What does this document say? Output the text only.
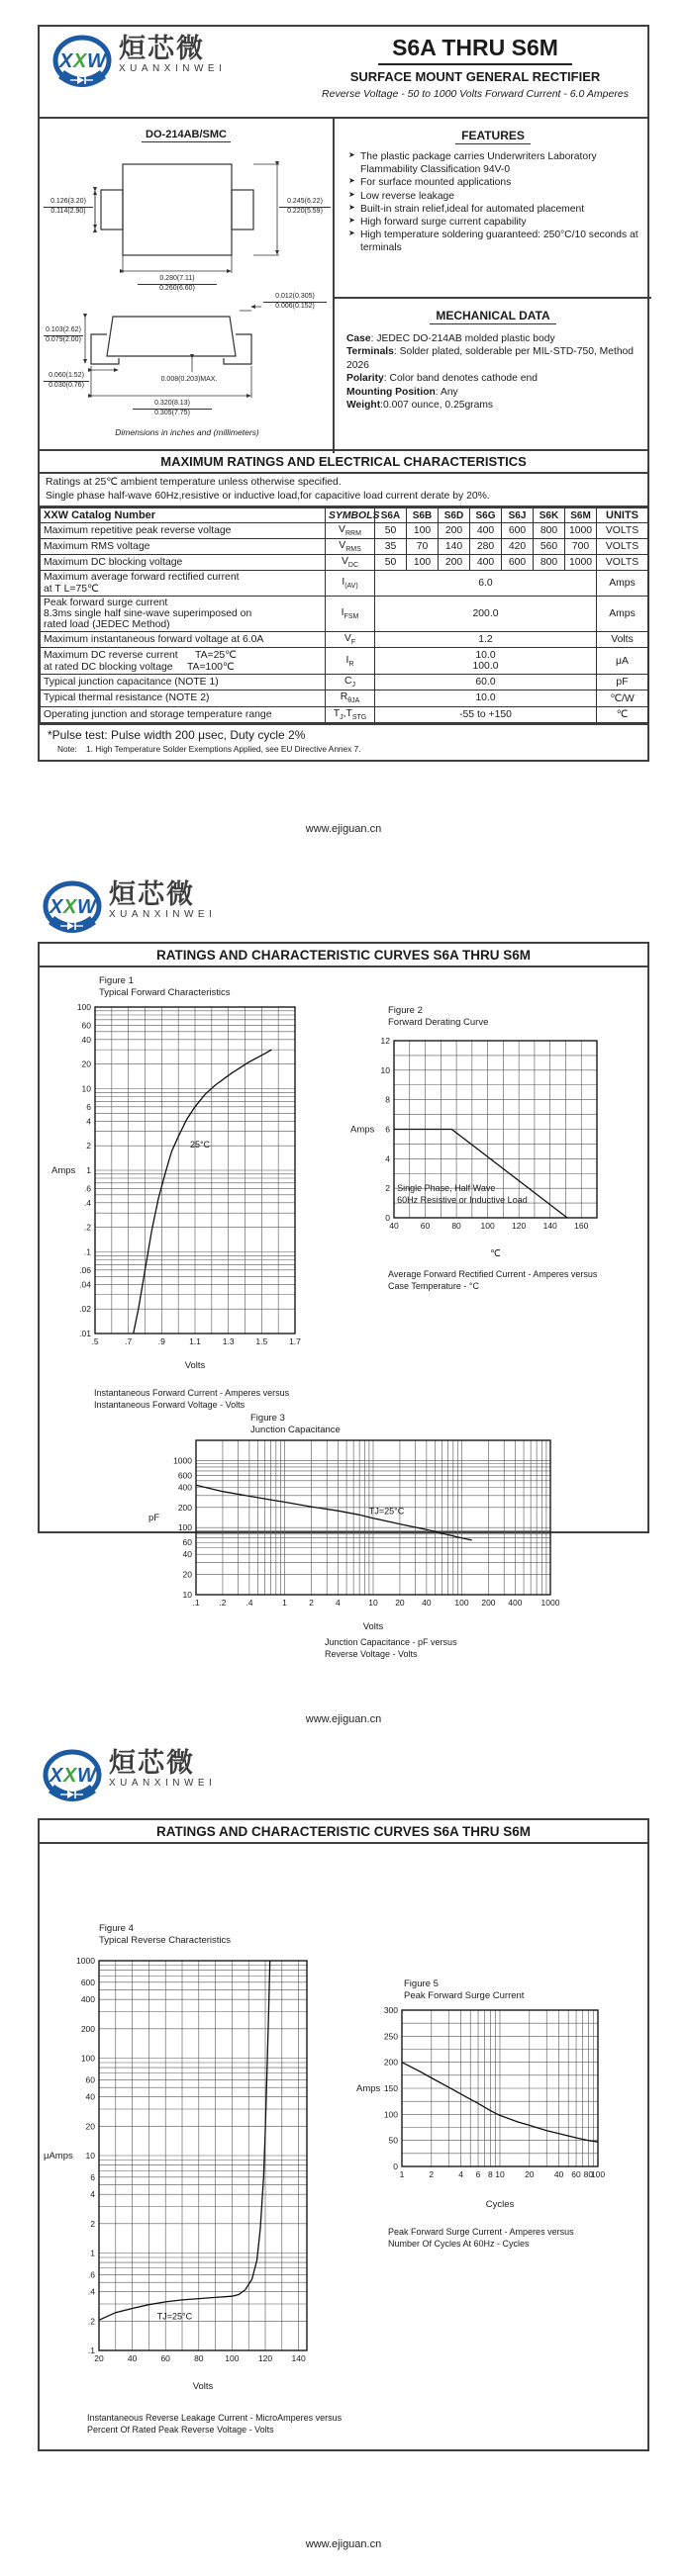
X X W 烜芯微
XUANXINWEI
S6A THRU S6M
SURFACE MOUNT GENERAL RECTIFIER
Reverse Voltage - 50 to 1000 Volts Forward Current - 6.0 Amperes
DO-214AB/SMC
0.126(3.20)
0.114(2.90)
0.245(6.22)
0.220(5.59)
0.280(7.11)
0.260(6.60)
0.012(0.305)
0.006(0.152)
0.103(2.62)
0.079(2.00)
0.060(1.52)
0.030(0.76)
0.008(0.203)MAX.
0.320(8.13)
0.305(7.75)
Dimensions in inches and (millimeters)
FEATURES
➤ The plastic package carries Underwriters Laboratory Flammability Classification 94V-0
➤ For surface mounted applications
➤ Low reverse leakage
➤ Built-in strain relief,ideal for automated placement
➤ High forward surge current capability
➤ High temperature soldering guaranteed: 250°C/10 seconds at terminals
MECHANICAL DATA
Case: JEDEC DO-214AB molded plastic body
Terminals: Solder plated, solderable per MIL-STD-750, Method 2026
Polarity: Color band denotes cathode end
Mounting Position: Any
Weight:0.007 ounce, 0.25grams
MAXIMUM RATINGS AND ELECTRICAL CHARACTERISTICS
Ratings at 25℃ ambient temperature unless otherwise specified.
Single phase half-wave 60Hz,resistive or inductive load,for capacitive load current derate by 20%.
XXW Catalog Number	SYMBOLS	S6A	S6B	S6D	S6G	S6J	S6K	S6M	UNITS
Maximum repetitive peak reverse voltage	$V_{RRM}$	50	100	200	400	600	800	1000	VOLTS
Maximum RMS voltage	$V_{RMS}$	35	70	140	280	420	560	700	VOLTS
Maximum DC blocking voltage	$V_{DC}$	50	100	200	400	600	800	1000	VOLTS
Maximum average forward rectified current
at T L=75℃	$I_{(AV)}$	6.0							Amps
Peak forward surge current
8.3ms single half sine-wave superimposed on
rated load (JEDEC Method)	$I_{FSM}$	200.0							Amps
Maximum instantaneous forward voltage at 6.0A	$V_F$	1.2							Volts
Maximum DC reverse current      TA=25℃
at rated DC blocking voltage     TA=100℃	$I_R$	10.0
100.0							μA
Typical junction capacitance (NOTE 1)	$C_J$	60.0							pF
Typical thermal resistance (NOTE 2)	$R_{\theta JA}$	10.0							℃/W
Operating junction and storage temperature range	$T_J,T_{STG}$	-55 to +150							℃
*Pulse test: Pulse width 200 μsec, Duty cycle 2%
Note:    1. High Temperature Solder Exemptions Applied, see EU Directive Annex 7.
www.ejiguan.cn
X X W 烜芯微
XUANXINWEI
RATINGS AND CHARACTERISTIC CURVES S6A THRU S6M
Figure 1
Typical Forward Characteristics
.5	.7	.9	1.1	1.3	1.5	1.7
100
60
40
20
10
6
4
2
1
.6
.4
.2
.1
.06
.04
.02
.01
Volts
Amps
25°C
Instantaneous Forward Current - Amperes versus
Instantaneous Forward Voltage - Volts
Figure 2
Forward Derating Curve
40	60	80 100 120 140 160
0
2
4
6
8
10
12
℃
Amps
Single Phase, Half Wave
60Hz Resistive or Inductive Load
Average Forward Rectified Current - Amperes versus
Case Temperature - °C
Figure 3
Junction Capacitance
.1 .2 .4	1	2	4	10 20 40	100 200 400 1000
1000
600
400
200
100
60
40
20
10
Volts
pF
TJ=25°C
Junction Capacitance - pF versus
Reverse Voltage - Volts
www.ejiguan.cn
X X W 烜芯微
XUANXINWEI
RATINGS AND CHARACTERISTIC CURVES S6A THRU S6M
Figure 4
Typical Reverse Characteristics
20	40	60	80	100 120 140
1000
600
400
200
100
60
40
20
10
6
4
2
1
.6
.4
.2
.1
Volts
μAmps
TJ=25°C
Instantaneous Reverse Leakage Current - MicroAmperes versus
Percent Of Rated Peak Reverse Voltage - Volts
Figure 5
Peak Forward Surge Current
1	2	4 6 8 10 20 40 60 80
100
0
50
100
150
200
250
300
Cycles
Amps
Peak Forward Surge Current - Amperes versus
Number Of Cycles At 60Hz - Cycles
www.ejiguan.cn
